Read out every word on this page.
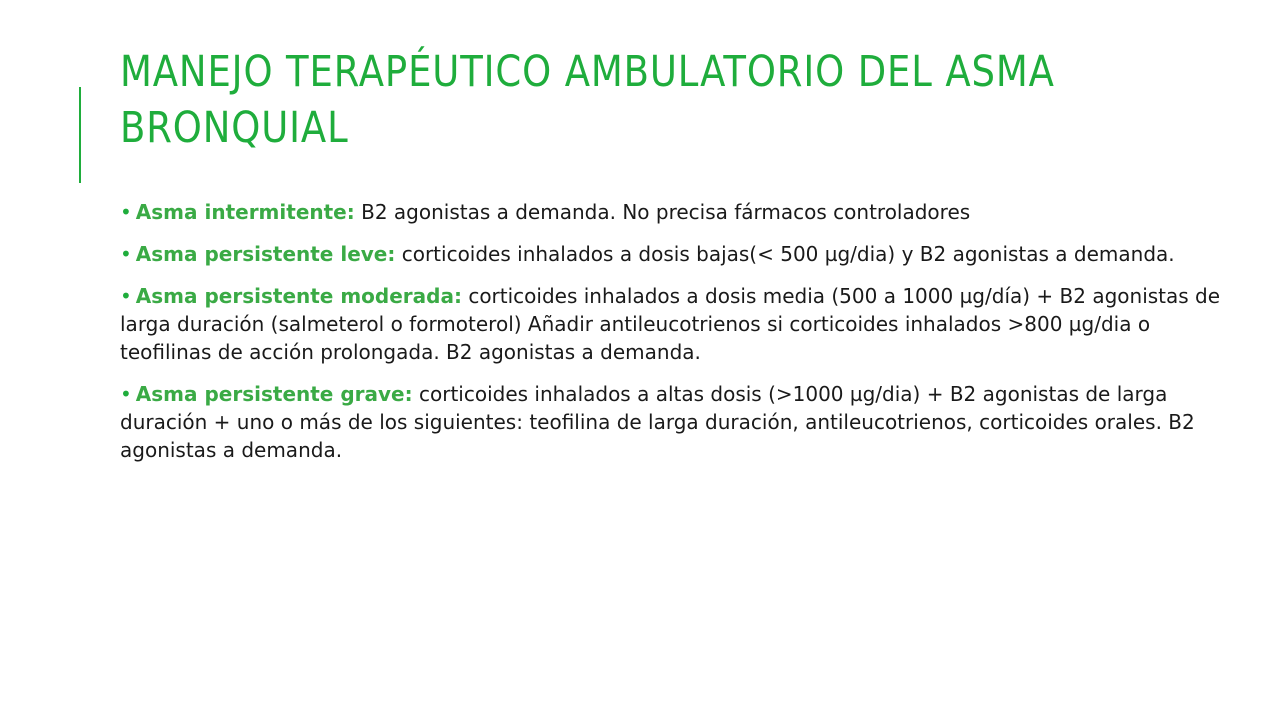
MANEJO TERAPÉUTICO AMBULATORIO DEL ASMA BRONQUIAL

• Asma intermitente: B2 agonistas a demanda. No precisa fármacos controladores

• Asma persistente leve: corticoides inhalados a dosis bajas(< 500 µg/dia) y B2 agonistas a demanda.

• Asma persistente moderada: corticoides inhalados a dosis media (500 a 1000 µg/día) + B2 agonistas de larga duración (salmeterol o formoterol) Añadir antileucotrienos si corticoides inhalados >800 µg/dia o teofilinas de acción prolongada. B2 agonistas a demanda.

• Asma persistente grave: corticoides inhalados a altas dosis (>1000 µg/dia) + B2 agonistas de larga duración + uno o más de los siguientes: teofilina de larga duración, antileucotrienos, corticoides orales. B2 agonistas a demanda.
